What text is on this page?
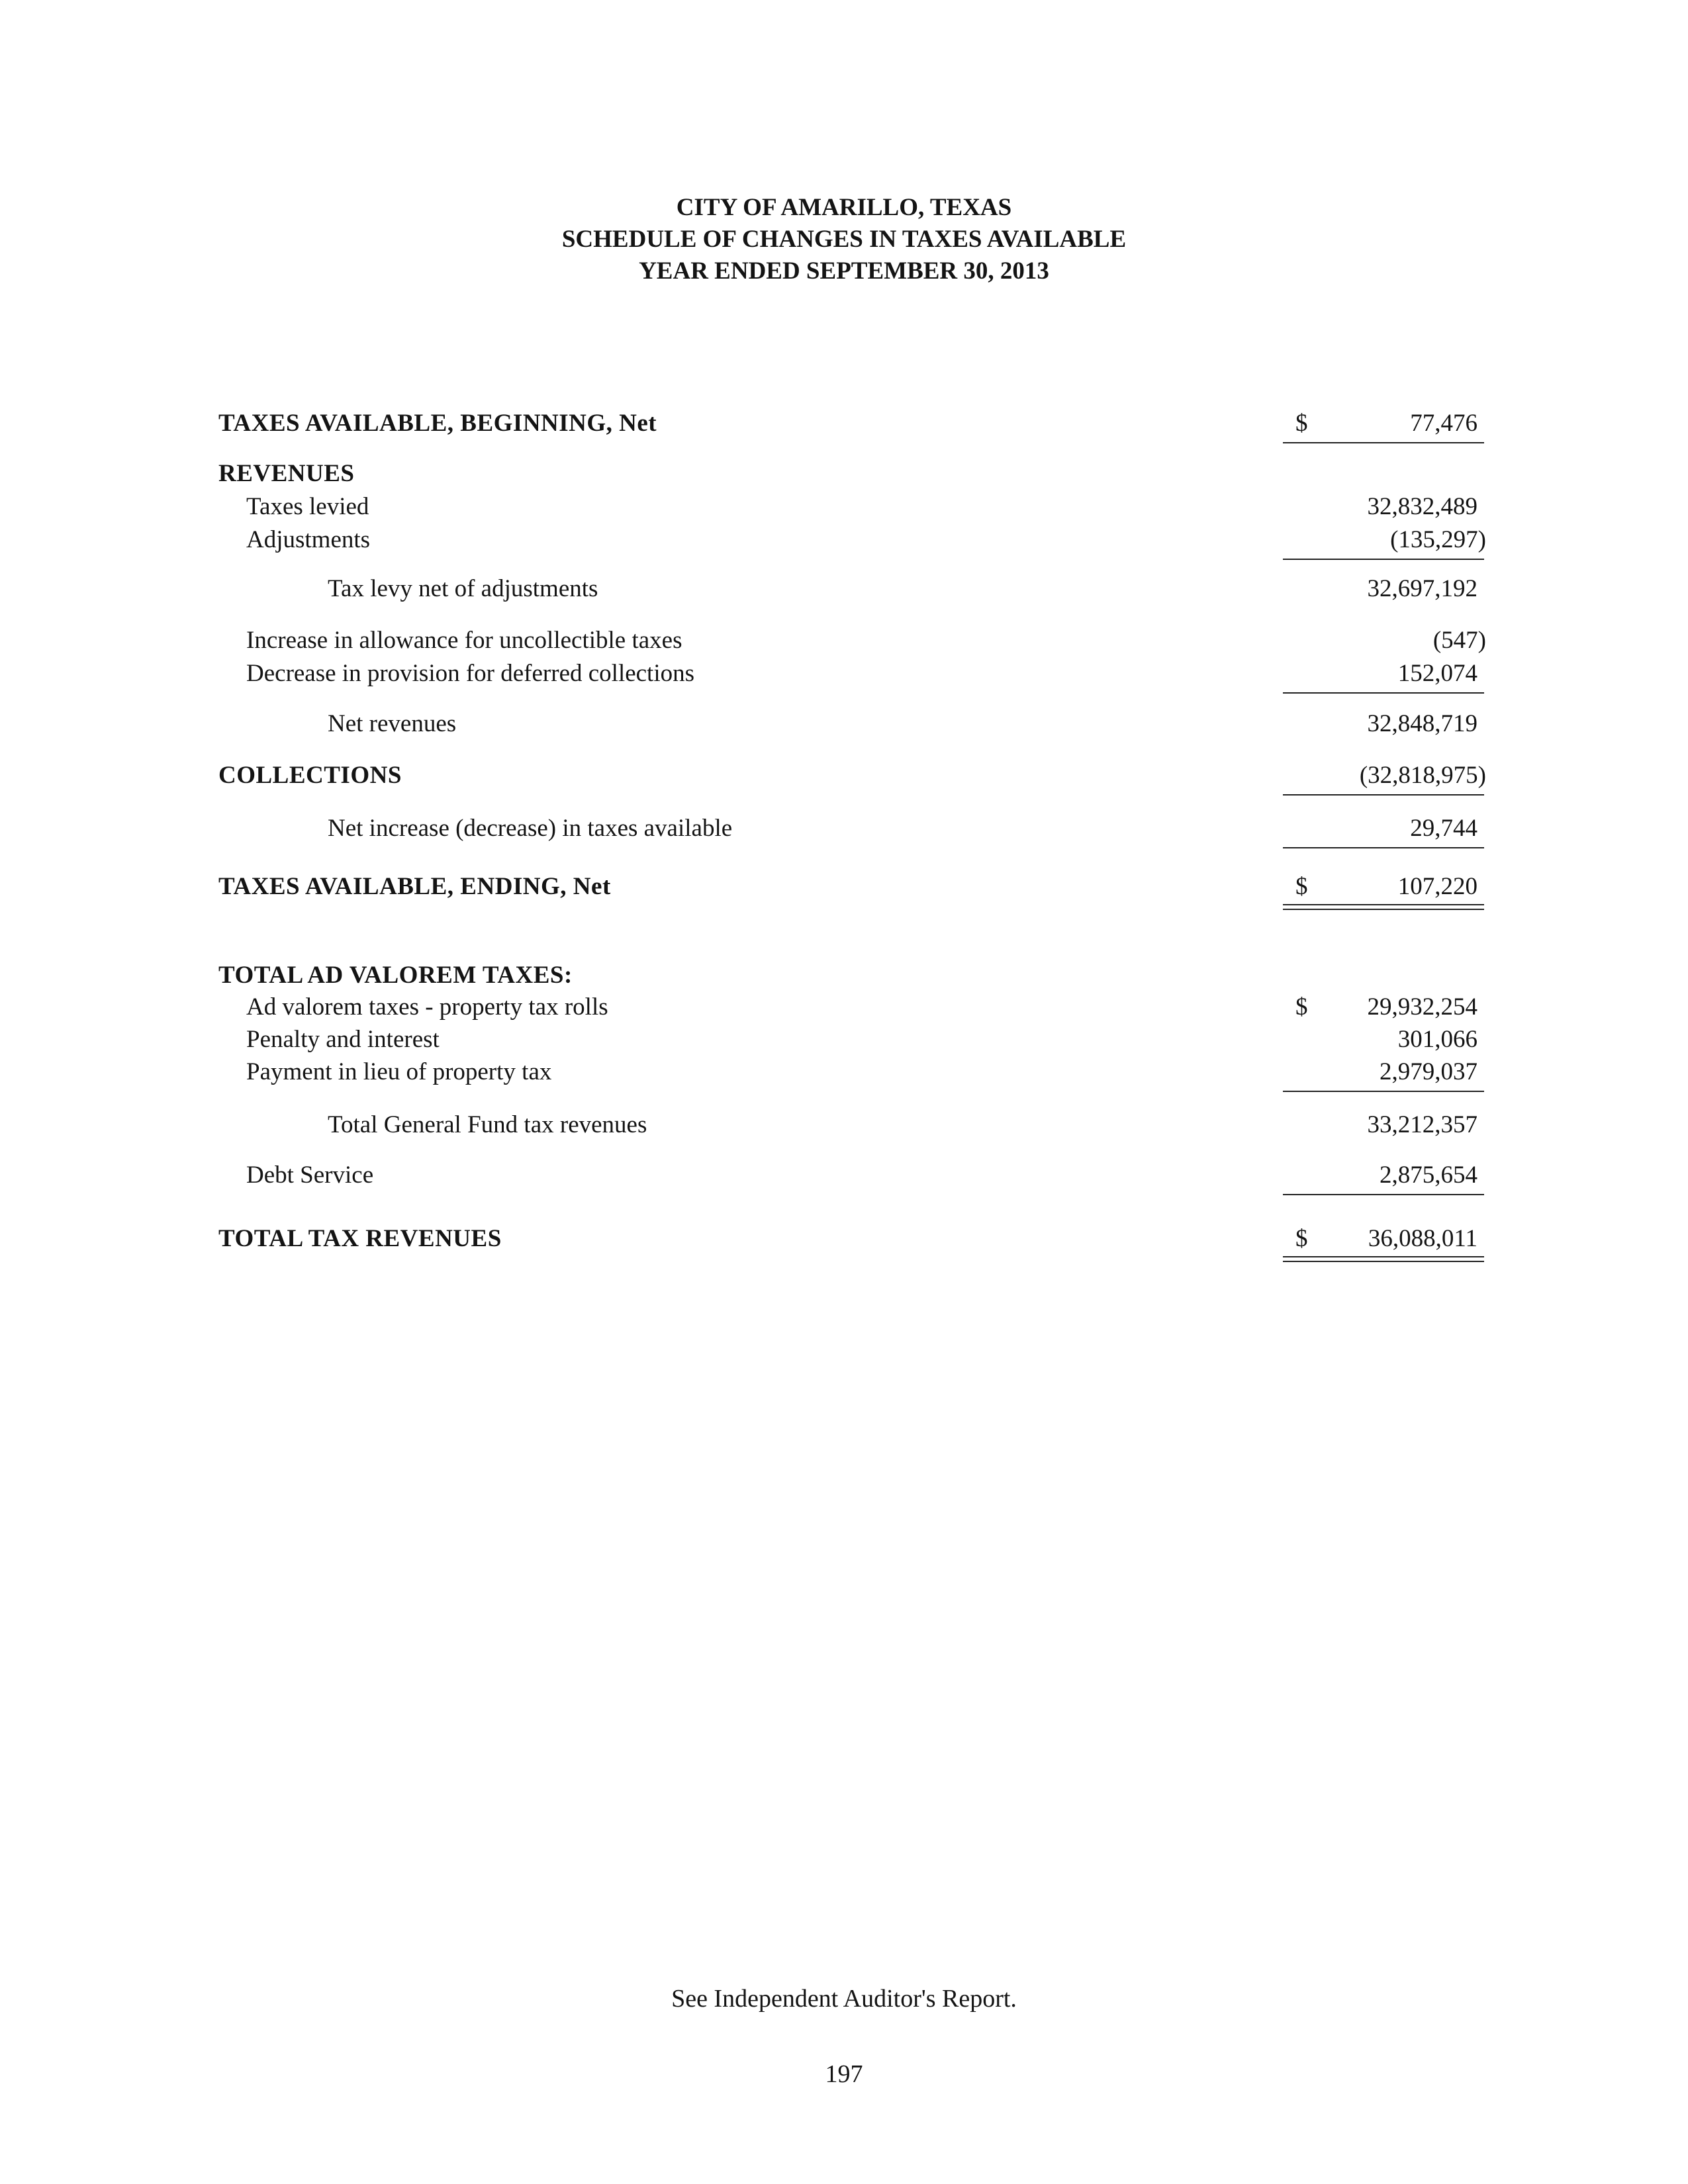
CITY OF AMARILLO, TEXAS
SCHEDULE OF CHANGES IN TAXES AVAILABLE
YEAR ENDED SEPTEMBER 30, 2013
TAXES AVAILABLE, BEGINNING, Net	$	77,476
REVENUES
Taxes levied	32,832,489
Adjustments	(135,297)
Tax levy net of adjustments	32,697,192
Increase in allowance for uncollectible taxes	(547)
Decrease in provision for deferred collections	152,074
Net revenues	32,848,719
COLLECTIONS	(32,818,975)
Net increase (decrease) in taxes available	29,744
TAXES AVAILABLE, ENDING, Net	$	107,220
TOTAL AD VALOREM TAXES:
Ad valorem taxes - property tax rolls	$ 29,932,254
Penalty and interest	301,066
Payment in lieu of property tax	2,979,037
Total General Fund tax revenues	33,212,357
Debt Service	2,875,654
TOTAL TAX REVENUES	$ 36,088,011
See Independent Auditor's Report.
197
